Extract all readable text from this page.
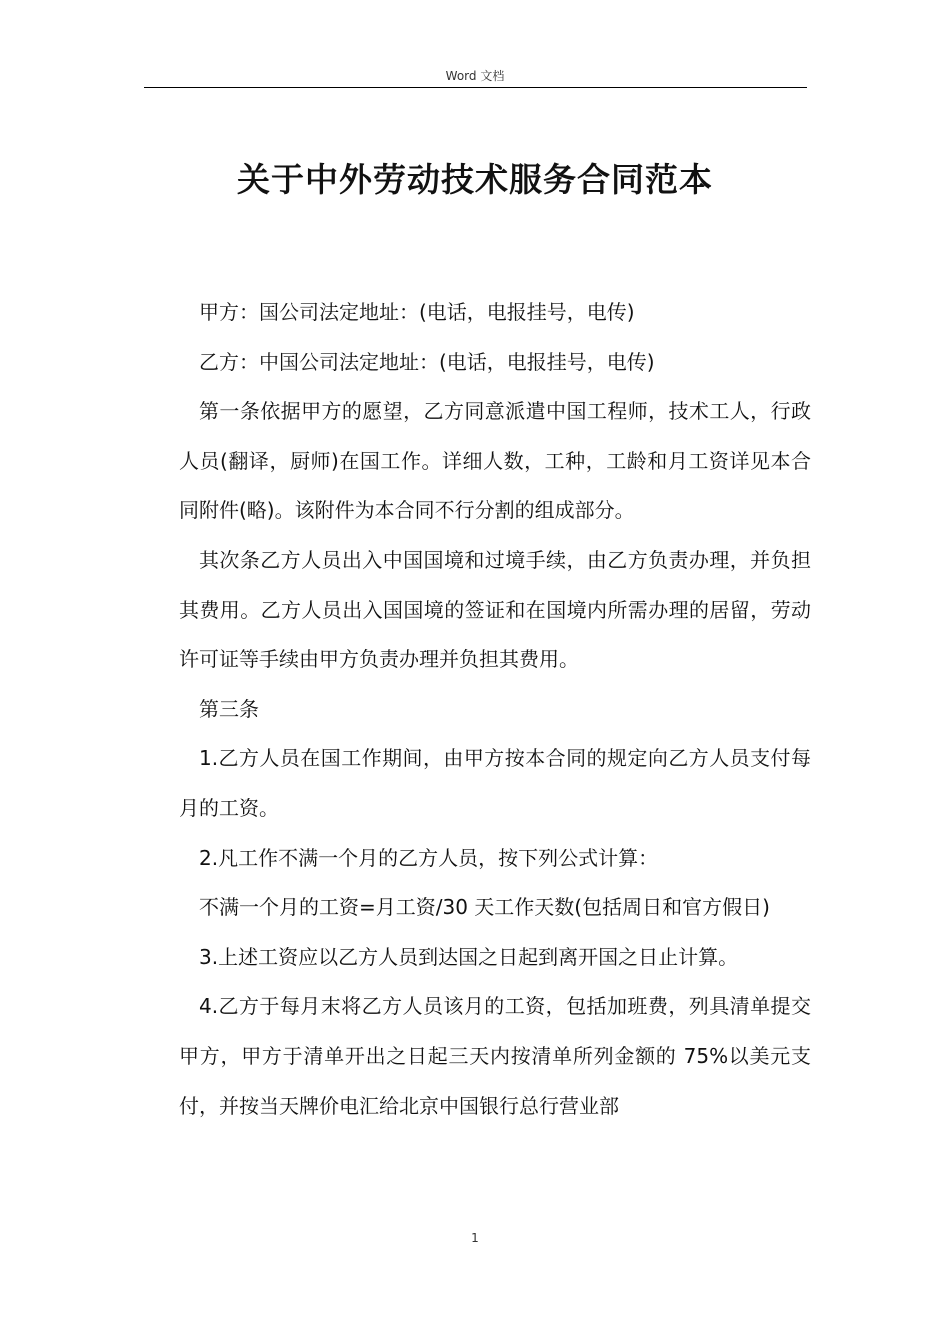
Word 文档
关于中外劳动技术服务合同范本

甲方：国公司法定地址：(电话，电报挂号，电传)

乙方：中国公司法定地址：(电话，电报挂号，电传)

第一条依据甲方的愿望，乙方同意派遣中国工程师，技术工人，行政人员(翻译，厨师)在国工作。详细人数，工种，工龄和月工资详见本合同附件(略)。该附件为本合同不行分割的组成部分。

其次条乙方人员出入中国国境和过境手续，由乙方负责办理，并负担其费用。乙方人员出入国国境的签证和在国境内所需办理的居留，劳动许可证等手续由甲方负责办理并负担其费用。

第三条

1.乙方人员在国工作期间，由甲方按本合同的规定向乙方人员支付每月的工资。

2.凡工作不满一个月的乙方人员，按下列公式计算：

不满一个月的工资=月工资/30 天工作天数(包括周日和官方假日)

3.上述工资应以乙方人员到达国之日起到离开国之日止计算。

4.乙方于每月末将乙方人员该月的工资，包括加班费，列具清单提交甲方，甲方于清单开出之日起三天内按清单所列金额的 75%以美元支付，并按当天牌价电汇给北京中国银行总行营业部

1
